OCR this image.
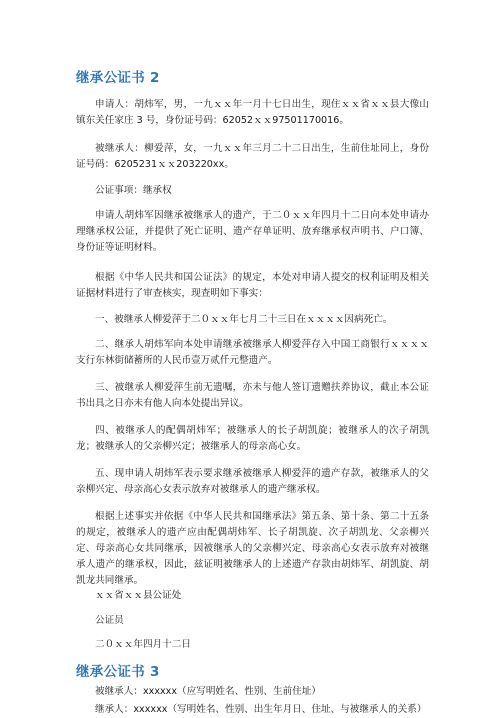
继承公证书 2
申请人：胡炜军，男，一九ｘｘ年一月十七日出生，现住ｘｘ省ｘｘ县大像山镇东关任家庄 3 号，身份证号码：62052ｘｘ97501170016。
被继承人：柳爱萍，女，一九ｘｘ年三月二十二日出生，生前住址同上，身份证号码：6205231ｘｘ203220xx。
公证事项：继承权
申请人胡炜军因继承被继承人的遗产，于二０ｘｘ年四月十二日向本处申请办理继承权公证，并提供了死亡证明、遗产存单证明、放弃继承权声明书、户口簿、身份证等证明材料。
根据《中华人民共和国公证法》的规定，本处对申请人提交的权利证明及相关证据材料进行了审查核实，现查明如下事实：
一、被继承人柳爱萍于二０ｘｘ年七月二十三日在ｘｘｘｘ因病死亡。
二、继承人胡炜军向本处申请继承被继承人柳爱萍存入中国工商银行ｘｘｘｘ支行东林街储蓄所的人民币壹万贰仟元整遗产。
三、被继承人柳爱萍生前无遗嘱，亦未与他人签订遗赠扶养协议，截止本公证书出具之日亦未有他人向本处提出异议。
四、被继承人的配偶胡炜军；被继承人的长子胡凯旋；被继承人的次子胡凯龙；被继承人的父亲柳兴定；被继承人的母亲高心女。
五、现申请人胡炜军表示要求继承被继承人柳爱萍的遗产存款，被继承人的父亲柳兴定、母亲高心女表示放弃对被继承人的遗产继承权。
根据上述事实并依据《中华人民共和国继承法》第五条、第十条、第二十五条的规定，被继承人的遗产应由配偶胡炜军、长子胡凯旋、次子胡凯龙、父亲柳兴定、母亲高心女共同继承，因被继承人的父亲柳兴定、母亲高心女表示放弃对被继承人遗产的继承权，因此，兹证明被继承人的上述遗产存款由胡炜军、胡凯旋、胡凯龙共同继承。
ｘｘ省ｘｘ县公证处
公证员
二０ｘｘ年四月十二日
继承公证书 3
被继承人：xxxxxx（应写明姓名、性别、生前住址）
继承人：xxxxxx（写明姓名、性别、出生年月日、住址、与被继承人的关系）
